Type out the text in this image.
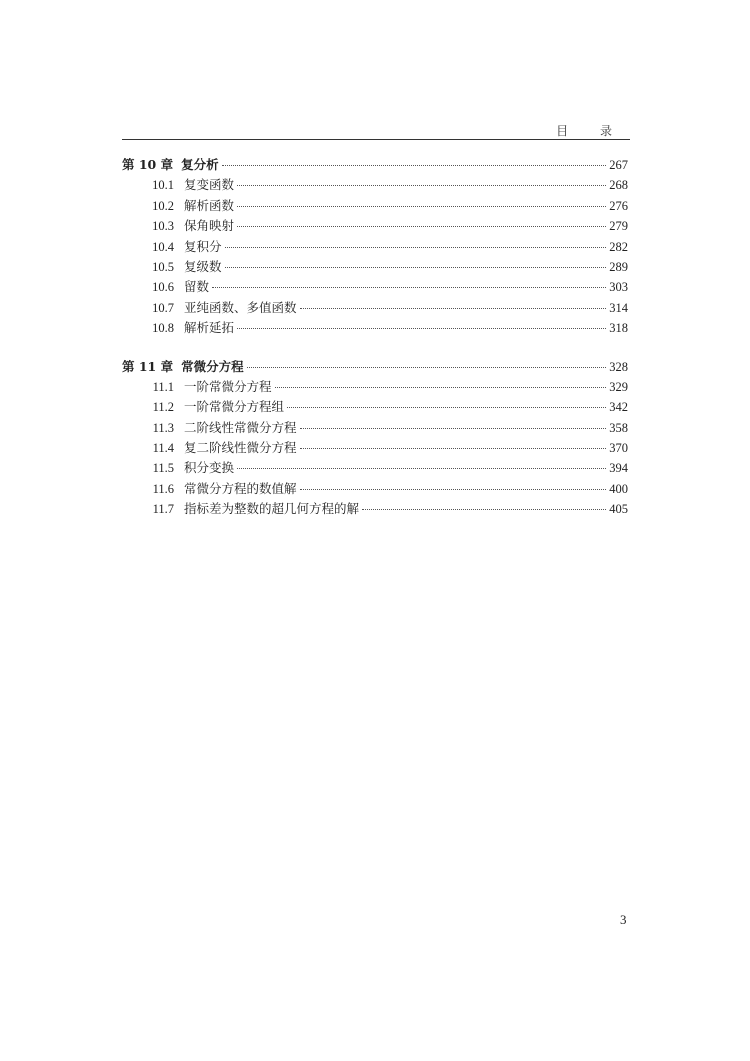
目 录
第 10 章 复分析	267
10.1 复变函数	268
10.2 解析函数	276
10.3 保角映射	279
10.4 复积分	282
10.5 复级数	289
10.6 留数	303
10.7 亚纯函数、多值函数	314
10.8 解析延拓	318
第 11 章 常微分方程	328
11.1 一阶常微分方程	329
11.2 一阶常微分方程组	342
11.3 二阶线性常微分方程	358
11.4 复二阶线性微分方程	370
11.5 积分变换	394
11.6 常微分方程的数值解	400
11.7 指标差为整数的超几何方程的解	405
3
